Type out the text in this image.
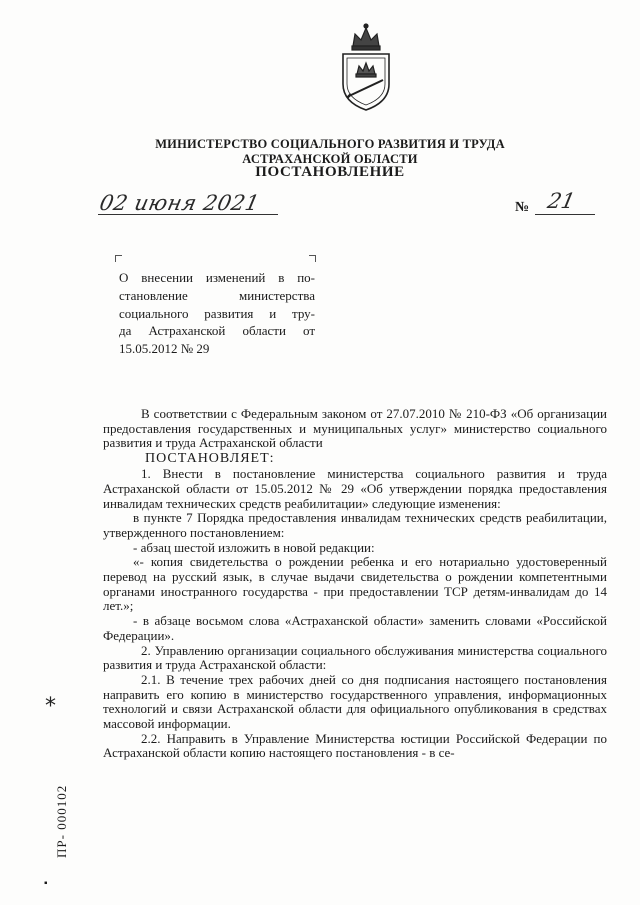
МИНИСТЕРСТВО СОЦИАЛЬНОГО РАЗВИТИЯ И ТРУДА
АСТРАХАНСКОЙ ОБЛАСТИ
ПОСТАНОВЛЕНИЕ
02 июня 2021	№ 21
О внесении изменений в по-
становление министерства
социального развития и тру-
да Астраханской области от
15.05.2012 № 29

В соответствии с Федеральным законом от 27.07.2010 № 210-ФЗ «Об организации предоставления государственных и муниципальных услуг» министерство социального развития и труда Астраханской области

ПОСТАНОВЛЯЕТ:

1. Внести в постановление министерства социального развития и труда Астраханской области от 15.05.2012 № 29 «Об утверждении порядка предоставления инвалидам технических средств реабилитации» следующие изменения:

в пункте 7 Порядка предоставления инвалидам технических средств реабилитации, утвержденного постановлением:

- абзац шестой изложить в новой редакции:

«- копия свидетельства о рождении ребенка и его нотариально удостоверенный перевод на русский язык, в случае выдачи свидетельства о рождении компетентными органами иностранного государства - при предоставлении ТСР детям-инвалидам до 14 лет.»;

- в абзаце восьмом слова «Астраханской области» заменить словами «Российской Федерации».

2. Управлению организации социального обслуживания министерства социального развития и труда Астраханской области:

2.1. В течение трех рабочих дней со дня подписания настоящего постановления направить его копию в министерство государственного управления, информационных технологий и связи Астраханской области для официального опубликования в средствах массовой информации.

2.2. Направить в Управление Министерства юстиции Российской Федерации по Астраханской области копию настоящего постановления - в се-

*
ПР- 000102
▪
